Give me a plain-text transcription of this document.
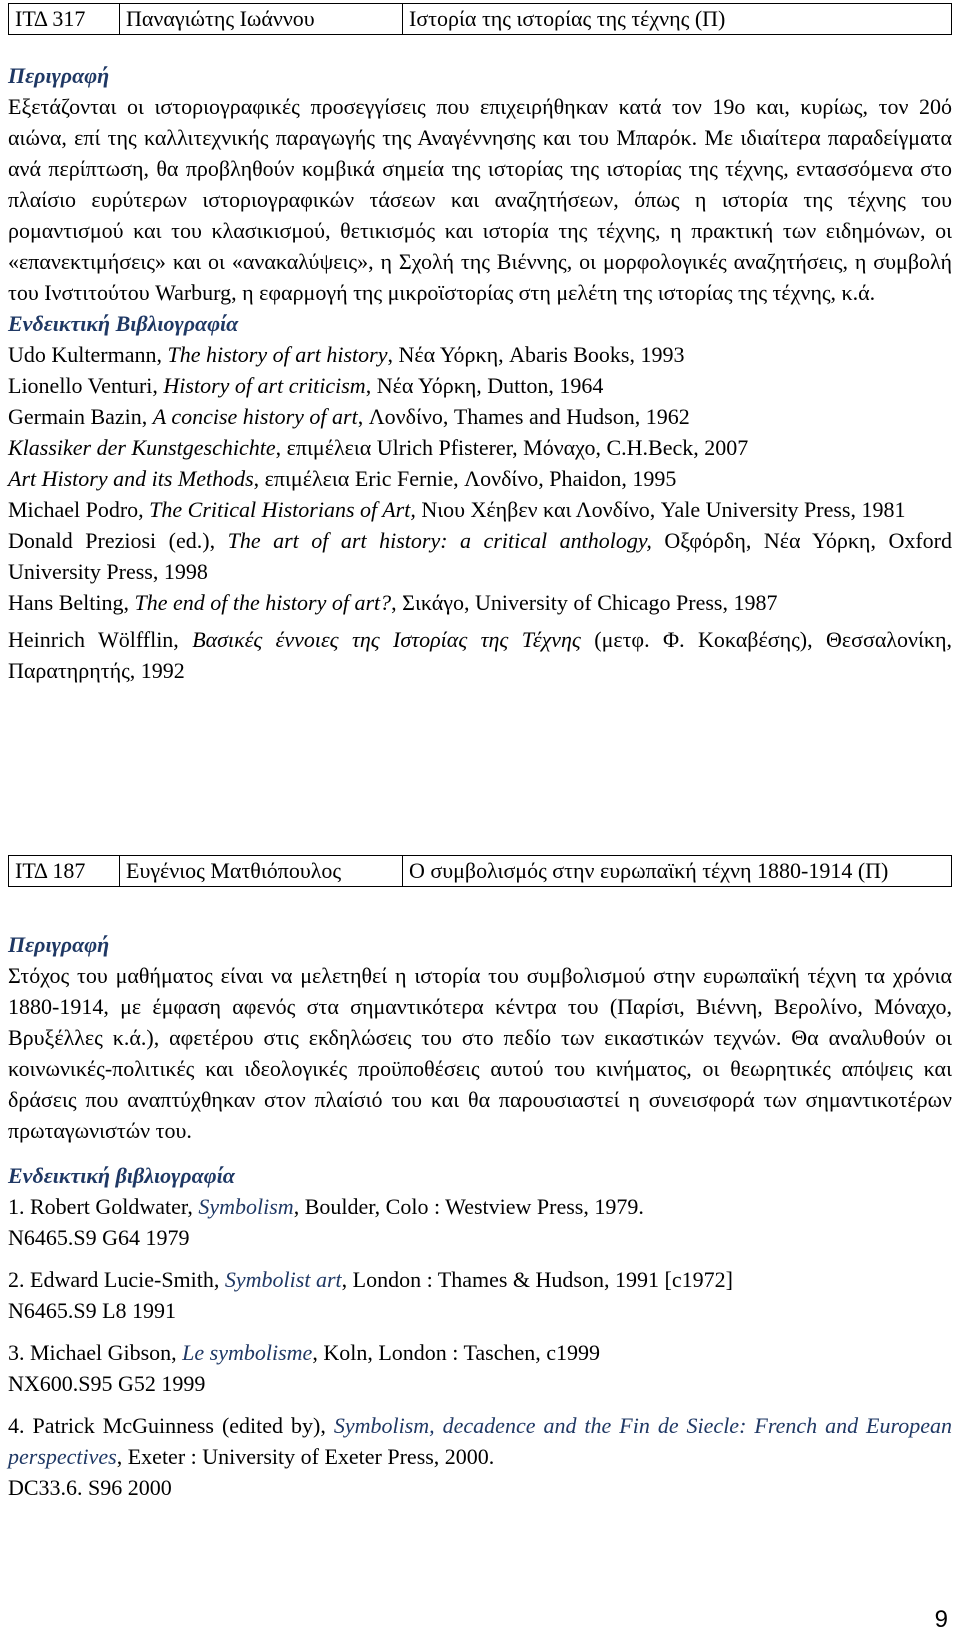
ΙΤΔ 317	Παναγιώτης Ιωάννου	Ιστορία της ιστορίας της τέχνης (Π)

Περιγραφή

Εξετάζονται οι ιστοριογραφικές προσεγγίσεις που επιχειρήθηκαν κατά τον 19ο και, κυρίως, τον 20ό αιώνα, επί της καλλιτεχνικής παραγωγής της Αναγέννησης και του Μπαρόκ. Με ιδιαίτερα παραδείγματα ανά περίπτωση, θα προβληθούν κομβικά σημεία της ιστορίας της ιστορίας της τέχνης, εντασσόμενα στο πλαίσιο ευρύτερων ιστοριογραφικών τάσεων και αναζητήσεων, όπως η ιστορία της τέχνης του ρομαντισμού και του κλασικισμού, θετικισμός και ιστορία της τέχνης, η πρακτική των ειδημόνων, οι «επανεκτιμήσεις» και οι «ανακαλύψεις», η Σχολή της Βιέννης, οι μορφολογικές αναζητήσεις, η συμβολή του Ινστιτούτου Warburg, η εφαρμογή της μικροϊστορίας στη μελέτη της ιστορίας της τέχνης, κ.ά.

Ενδεικτική Βιβλιογραφία

Udo Kultermann, The history of art history, Νέα Υόρκη, Abaris Books, 1993

Lionello Venturi, History of art criticism, Νέα Υόρκη, Dutton, 1964

Germain Bazin, A concise history of art, Λονδίνο, Thames and Hudson, 1962

Klassiker der Kunstgeschichte, επιμέλεια Ulrich Pfisterer, Μόναχο, C.H.Beck, 2007

Art History and its Methods, επιμέλεια Eric Fernie, Λονδίνο, Phaidon, 1995

Michael Podro, The Critical Historians of Art, Νιου Χέηβεν και Λονδίνο, Yale University Press, 1981

Donald Preziosi (ed.), The art of art history: a critical anthology, Οξφόρδη, Νέα Υόρκη, Oxford University Press, 1998

Hans Belting, The end of the history of art?, Σικάγο, University of Chicago Press, 1987

Heinrich Wölfflin, Βασικές έννοιες της Ιστορίας της Τέχνης (μετφ. Φ. Κοκαβέσης), Θεσσαλονίκη, Παρατηρητής, 1992

ΙΤΔ 187	Ευγένιος Ματθιόπουλος	Ο συμβολισμός στην ευρωπαϊκή τέχνη 1880-1914 (Π)

Περιγραφή

Στόχος του μαθήματος είναι να μελετηθεί η ιστορία του συμβολισμού στην ευρωπαϊκή τέχνη τα χρόνια 1880-1914, με έμφαση αφενός στα σημαντικότερα κέντρα του (Παρίσι, Βιέννη, Βερολίνο, Μόναχο, Βρυξέλλες κ.ά.), αφετέρου στις εκδηλώσεις του στο πεδίο των εικαστικών τεχνών. Θα αναλυθούν οι κοινωνικές-πολιτικές και ιδεολογικές προϋποθέσεις αυτού του κινήματος, οι θεωρητικές απόψεις και δράσεις που αναπτύχθηκαν στον πλαίσιό του και θα παρουσιαστεί η συνεισφορά των σημαντικοτέρων πρωταγωνιστών του.

Ενδεικτική βιβλιογραφία

1. Robert Goldwater, Symbolism, Boulder, Colo : Westview Press, 1979.
N6465.S9 G64 1979

2. Edward Lucie-Smith, Symbolist art, London : Thames & Hudson, 1991 [c1972]
N6465.S9 L8 1991

3. Michael Gibson, Le symbolisme, Koln, London : Taschen, c1999
NX600.S95 G52 1999

4. Patrick McGuinness (edited by), Symbolism, decadence and the Fin de Siecle: French and European perspectives, Exeter : University of Exeter Press, 2000.
DC33.6. S96 2000

9
